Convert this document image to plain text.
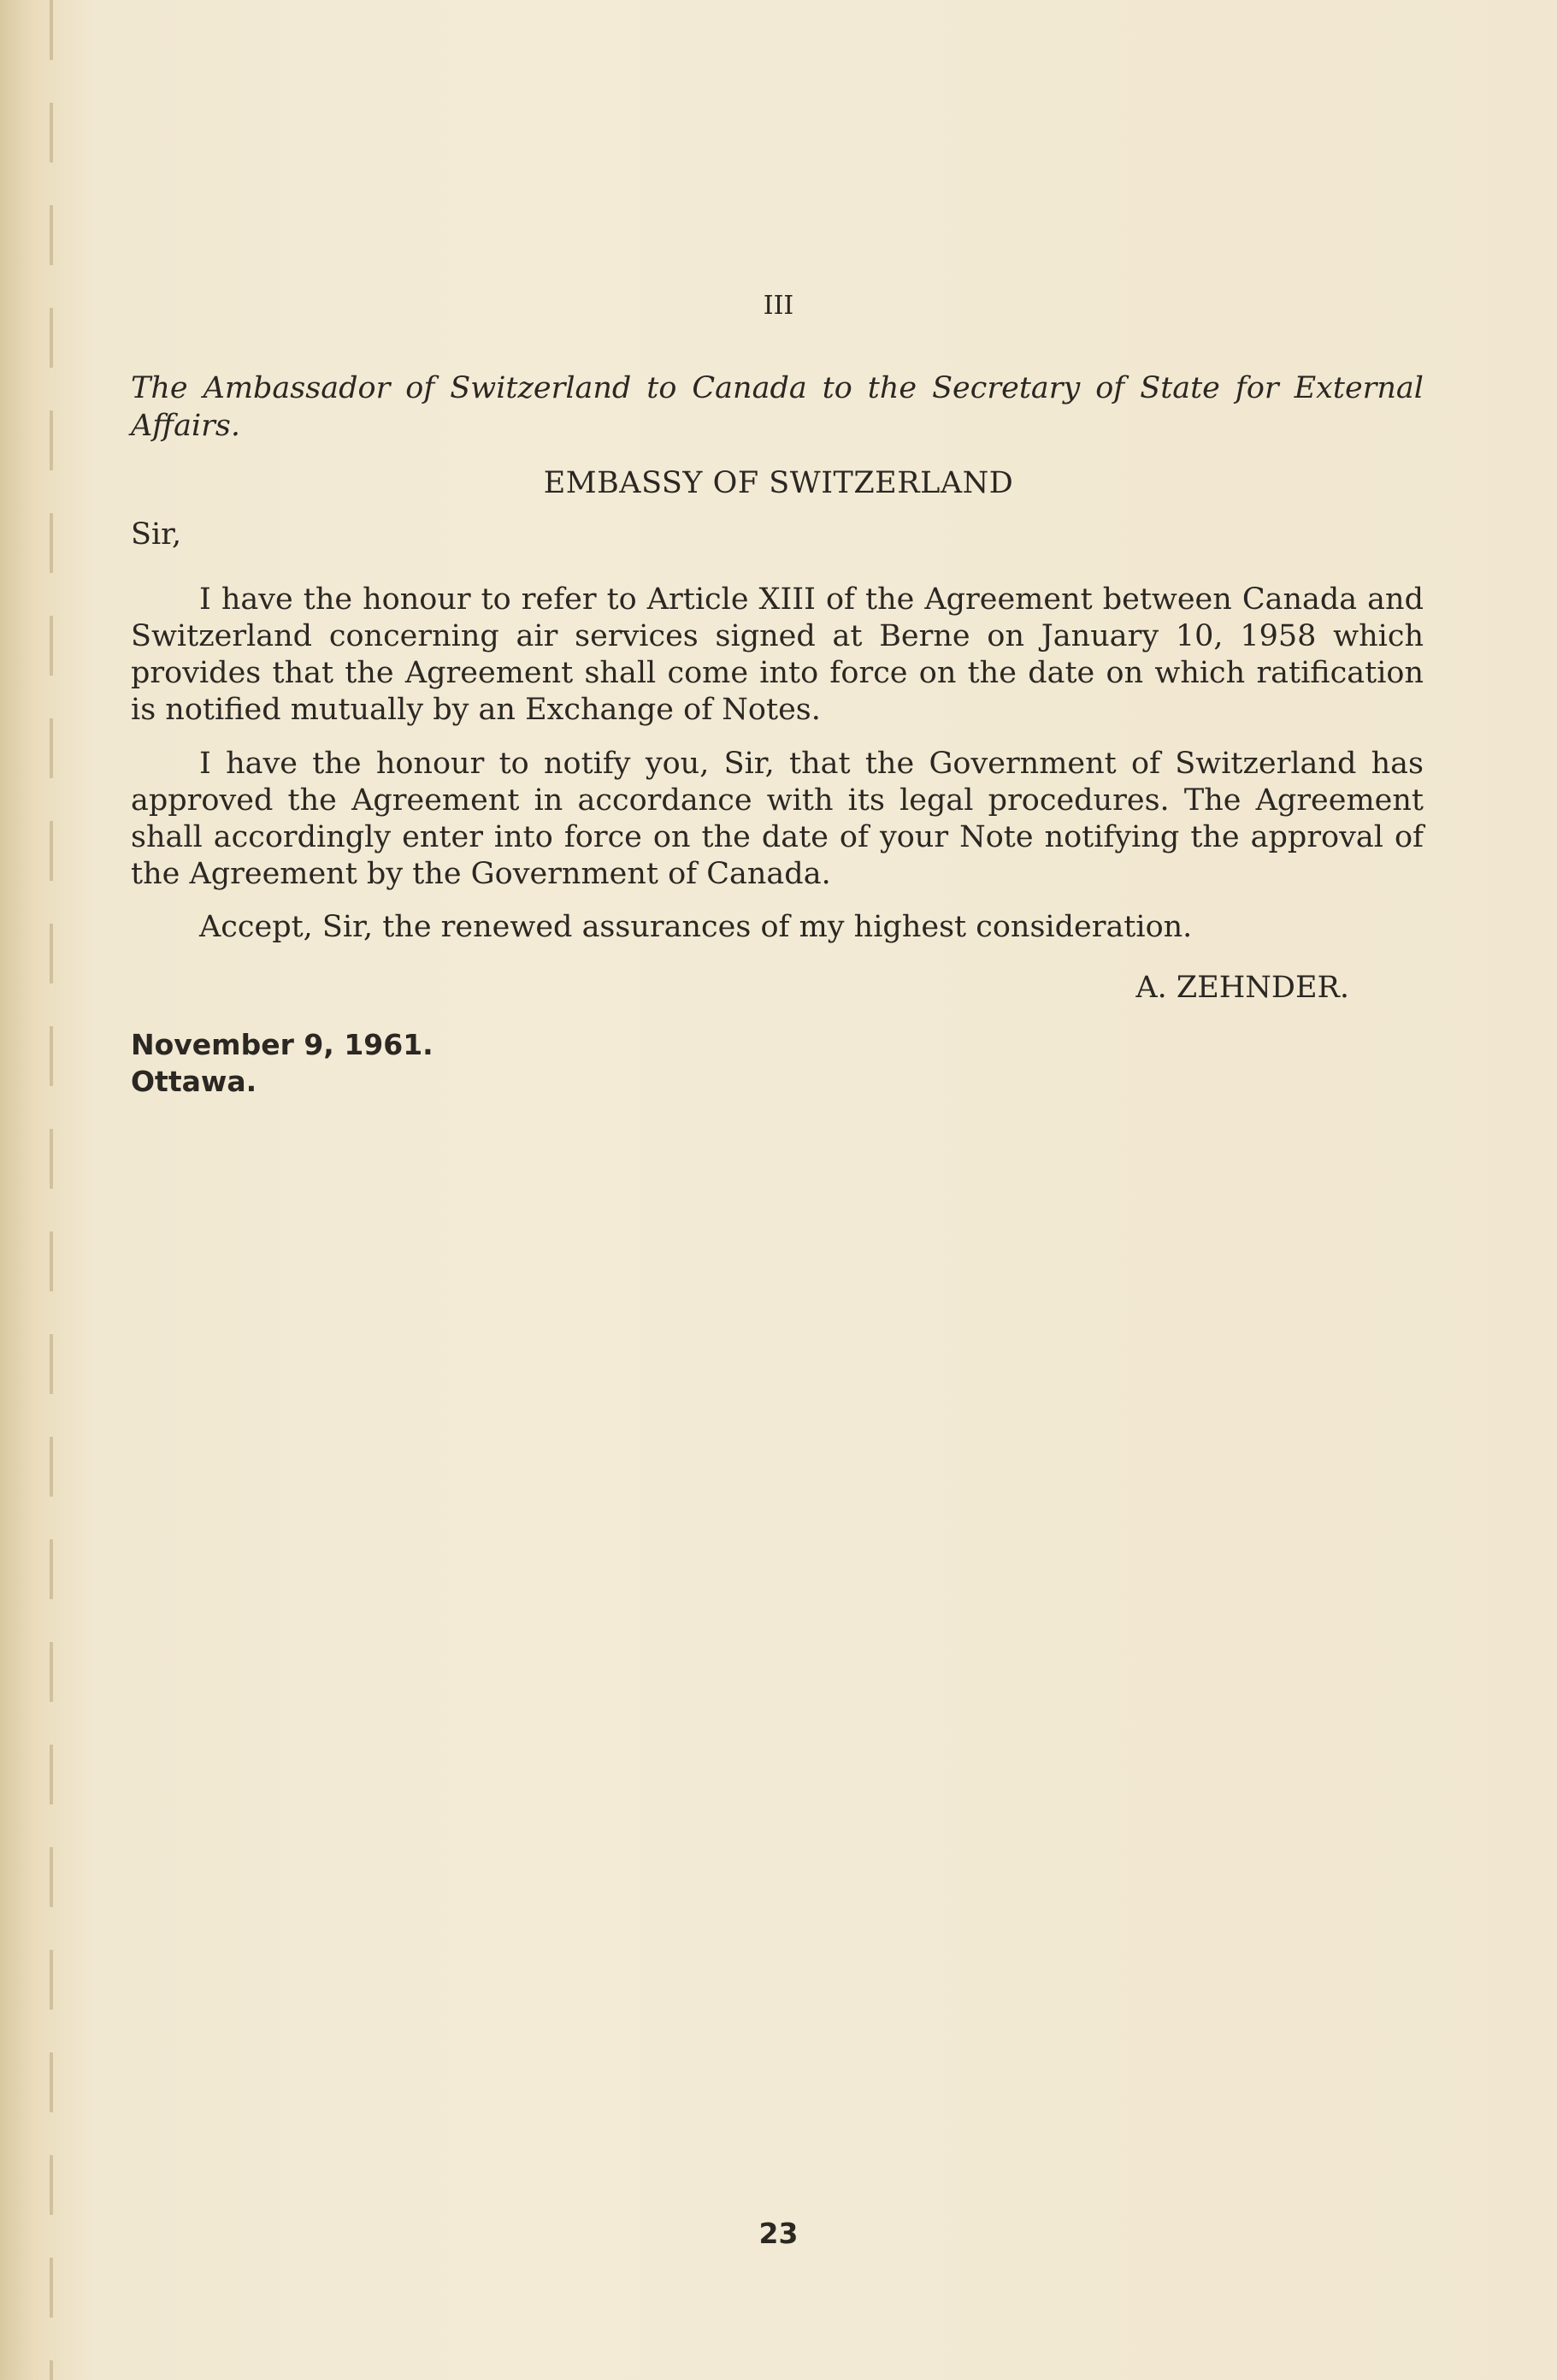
III
The Ambassador of Switzerland to Canada to the Secretary of State for External Affairs.
EMBASSY OF SWITZERLAND
Sir,
I have the honour to refer to Article XIII of the Agreement between Canada and Switzerland concerning air services signed at Berne on January 10, 1958 which provides that the Agreement shall come into force on the date on which ratification is notified mutually by an Exchange of Notes.
I have the honour to notify you, Sir, that the Government of Switzerland has approved the Agreement in accordance with its legal procedures. The Agreement shall accordingly enter into force on the date of your Note notifying the approval of the Agreement by the Government of Canada.
Accept, Sir, the renewed assurances of my highest consideration.
A. ZEHNDER.
November 9, 1961.
Ottawa.
23
